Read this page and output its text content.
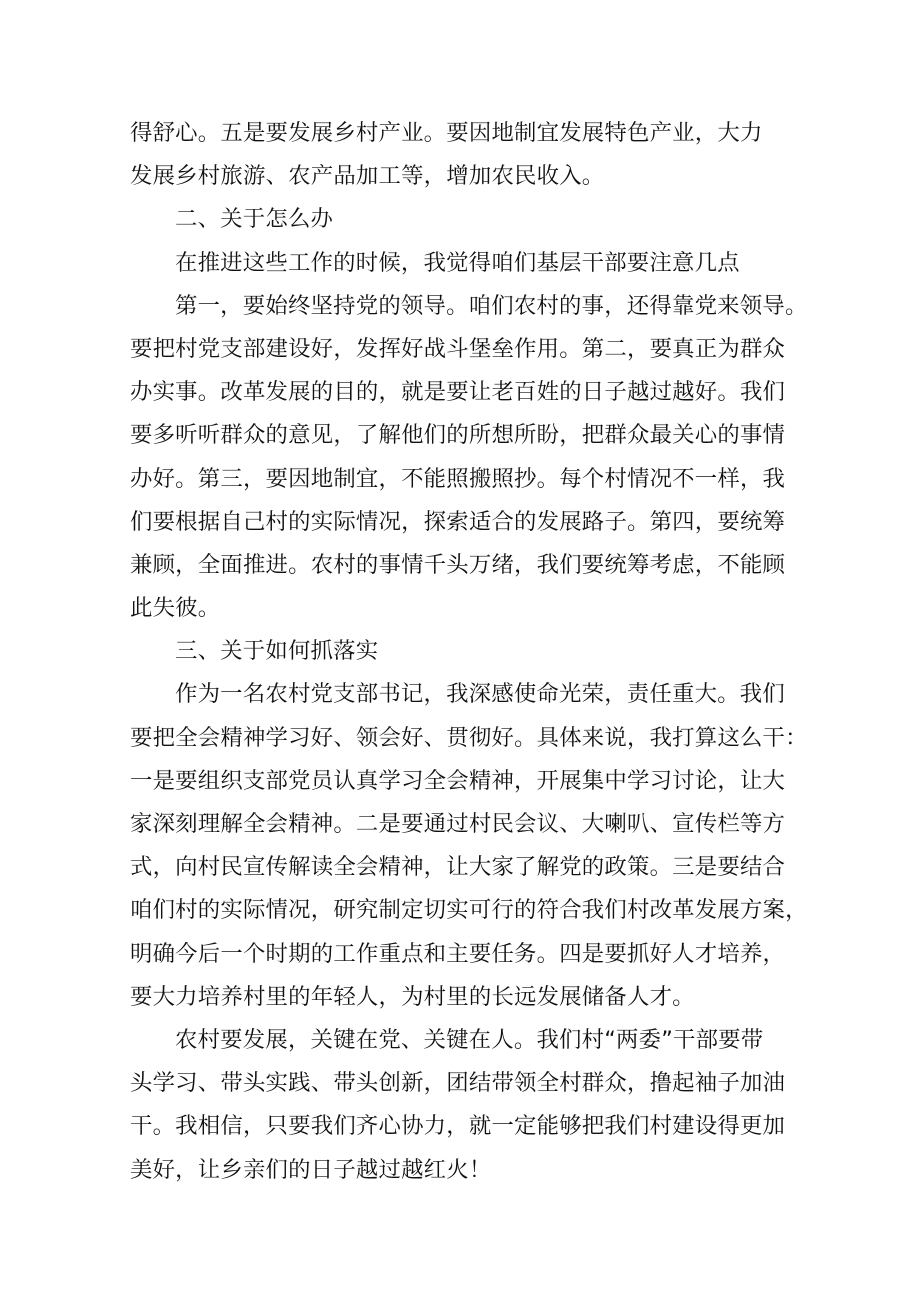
得舒心。五是要发展乡村产业。要因地制宜发展特色产业，大力
发展乡村旅游、农产品加工等，增加农民收入。
二、关于怎么办
在推进这些工作的时候，我觉得咱们基层干部要注意几点
第一，要始终坚持党的领导。咱们农村的事，还得靠党来领导。
要把村党支部建设好，发挥好战斗堡垒作用。第二，要真正为群众
办实事。改革发展的目的，就是要让老百姓的日子越过越好。我们
要多听听群众的意见，了解他们的所想所盼，把群众最关心的事情
办好。第三，要因地制宜，不能照搬照抄。每个村情况不一样，我
们要根据自己村的实际情况，探索适合的发展路子。第四，要统筹
兼顾，全面推进。农村的事情千头万绪，我们要统筹考虑，不能顾
此失彼。
三、关于如何抓落实
作为一名农村党支部书记，我深感使命光荣，责任重大。我们
要把全会精神学习好、领会好、贯彻好。具体来说，我打算这么干：
一是要组织支部党员认真学习全会精神，开展集中学习讨论，让大
家深刻理解全会精神。二是要通过村民会议、大喇叭、宣传栏等方
式，向村民宣传解读全会精神，让大家了解党的政策。三是要结合
咱们村的实际情况，研究制定切实可行的符合我们村改革发展方案，
明确今后一个时期的工作重点和主要任务。四是要抓好人才培养，
要大力培养村里的年轻人，为村里的长远发展储备人才。
农村要发展，关键在党、关键在人。我们村“两委”干部要带
头学习、带头实践、带头创新，团结带领全村群众，撸起袖子加油
干。我相信，只要我们齐心协力，就一定能够把我们村建设得更加
美好，让乡亲们的日子越过越红火！
